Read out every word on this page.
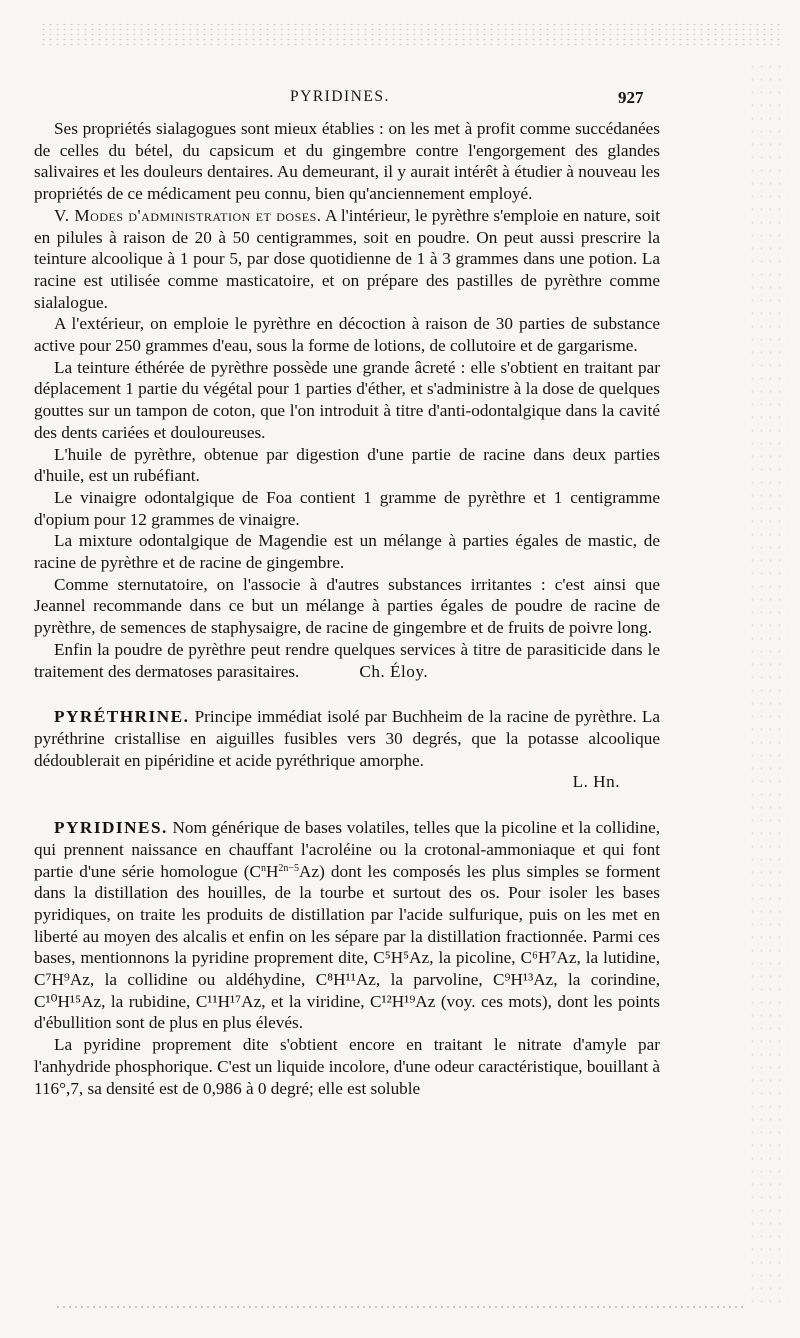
PYRIDINES.	927

Ses propriétés sialagogues sont mieux établies : on les met à profit comme succédanées de celles du bétel, du capsicum et du gingembre contre l'engorgement des glandes salivaires et les douleurs dentaires. Au demeurant, il y aurait intérêt à étudier à nouveau les propriétés de ce médicament peu connu, bien qu'anciennement employé.

V. Modes d'administration et doses. A l'intérieur, le pyrèthre s'emploie en nature, soit en pilules à raison de 20 à 50 centigrammes, soit en poudre. On peut aussi prescrire la teinture alcoolique à 1 pour 5, par dose quotidienne de 1 à 3 grammes dans une potion. La racine est utilisée comme masticatoire, et on prépare des pastilles de pyrèthre comme sialalogue.

A l'extérieur, on emploie le pyrèthre en décoction à raison de 30 parties de substance active pour 250 grammes d'eau, sous la forme de lotions, de collutoire et de gargarisme.

La teinture éthérée de pyrèthre possède une grande âcreté : elle s'obtient en traitant par déplacement 1 partie du végétal pour 1 parties d'éther, et s'administre à la dose de quelques gouttes sur un tampon de coton, que l'on introduit à titre d'anti-odontalgique dans la cavité des dents cariées et douloureuses.

L'huile de pyrèthre, obtenue par digestion d'une partie de racine dans deux parties d'huile, est un rubéfiant.

Le vinaigre odontalgique de Foa contient 1 gramme de pyrèthre et 1 centigramme d'opium pour 12 grammes de vinaigre.

La mixture odontalgique de Magendie est un mélange à parties égales de mastic, de racine de pyrèthre et de racine de gingembre.

Comme sternutatoire, on l'associe à d'autres substances irritantes : c'est ainsi que Jeannel recommande dans ce but un mélange à parties égales de poudre de racine de pyrèthre, de semences de staphysaigre, de racine de gingembre et de fruits de poivre long.

Enfin la poudre de pyrèthre peut rendre quelques services à titre de parasiticide dans le traitement des dermatoses parasitaires.	Ch. Éloy.

PYRÉTHRINE. Principe immédiat isolé par Buchheim de la racine de pyrèthre. La pyréthrine cristallise en aiguilles fusibles vers 30 degrés, que la potasse alcoolique dédoublerait en pipéridine et acide pyréthrique amorphe.

L. Hn.

PYRIDINES. Nom générique de bases volatiles, telles que la picoline et la collidine, qui prennent naissance en chauffant l'acroléine ou la crotonal-ammoniaque et qui font partie d'une série homologue $(C^nH^{2n-5}Az)$ dont les composés les plus simples se forment dans la distillation des houilles, de la tourbe et surtout des os. Pour isoler les bases pyridiques, on traite les produits de distillation par l'acide sulfurique, puis on les met en liberté au moyen des alcalis et enfin on les sépare par la distillation fractionnée. Parmi ces bases, mentionnons la pyridine proprement dite, C⁵H⁵Az, la picoline, C⁶H⁷Az, la lutidine, C⁷H⁹Az, la collidine ou aldéhydine, C⁸H¹¹Az, la parvoline, C⁹H¹³Az, la corindine, C¹⁰H¹⁵Az, la rubidine, C¹¹H¹⁷Az, et la viridine, C¹²H¹⁹Az (voy. ces mots), dont les points d'ébullition sont de plus en plus élevés.

La pyridine proprement dite s'obtient encore en traitant le nitrate d'amyle par l'anhydride phosphorique. C'est un liquide incolore, d'une odeur caractéristique, bouillant à 116°,7, sa densité est de 0,986 à 0 degré; elle est soluble
